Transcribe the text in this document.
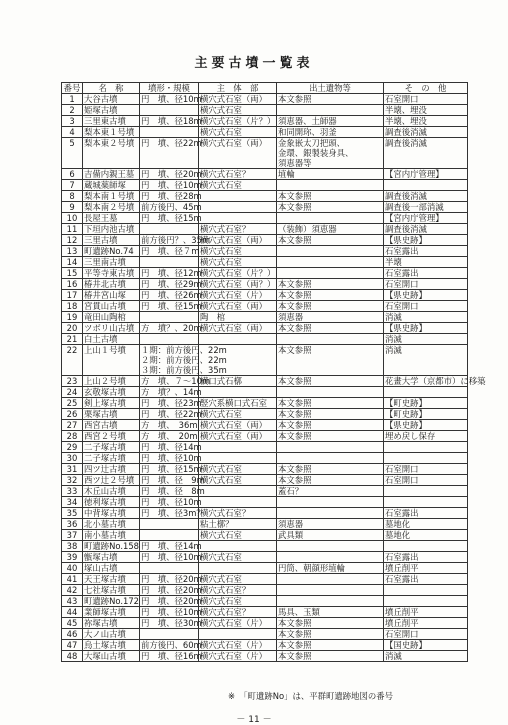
主要古墳一覧表
番号	名　称	墳形・規模	主　体　部	出土遺物等	そ　の　他
1	大谷古墳	円　墳、径10m	横穴式石室（両）	本文参照	石室開口
2	姫塚古墳		横穴式石室		半壊、埋没
3	三里東古墳	円　墳、径18m	横穴式石室（片？）	須恵器、土師器	半壊、埋没
4	梨本東１号墳		横穴式石室	和同開珎、羽釜	調査後消滅
5	梨本東２号墳	円　墳、径22m	横穴式石室（両）	金象嵌太刀把頭、
金環、銀製装身具、
須恵器等	調査後消滅
6	吉備内親王墓	円　墳、径20m	横穴式石室？	埴輪	【宮内庁管理】
7	蔵城薬師塚	円　墳、径10m	横穴式石室		
8	梨本南１号墳	円　墳、径28m		本文参照	調査後消滅
9	梨本南２号墳	前方後円、45m		本文参照	調査後一部消滅
10	長屋王墓	円　墳、径15m			【宮内庁管理】
11	下垣内池古墳		横穴式石室？	（装飾）須恵器	調査後消滅
12	三里古墳	前方後円？、35m	横穴式石室（両）	本文参照	【県史跡】
13	町遺跡No.74	円　墳、径７m	横穴式石室		石室露出
14	三里南古墳		横穴式石室		半壊
15	平等寺東古墳	円　墳、径12m	横穴式石室（片？）		石室露出
16	椿井北古墳	円　墳、径29m	横穴式石室（両？）	本文参照	石室開口
17	椿井宮山塚	円　墳、径26m	横穴式石室（片）	本文参照	【県史跡】
18	宮貫山古墳	円　墳、径15m	横穴式石室（両）	本文参照	石室開口
19	竜田山陶棺		陶　棺	須恵器	消滅
20	ツボリ山古墳	方　墳？、20m	横穴式石室（両）	本文参照	【県史跡】
21	白土古墳				消滅
22	上山１号墳	１期：前方後円、22m
２期：前方後円、22m
３期：前方後円、35m		本文参照	消滅
23	上山２号墳	方　墳、７～10m	横口式石槨	本文参照	花畫大学（京都市）に移築
24	玄敬塚古墳	方　墳？、14m			
25	剣上塚古墳	円　墳、径23m	竪穴系横口式石室	本文参照	【町史跡】
26	栗塚古墳	円　墳、径22m	横穴式石室	本文参照	【町史跡】
27	西宮古墳	方　墳、　36m	横穴式石室（両）	本文参照	【県史跡】
28	西宮２号墳	方　墳、　20m	横穴式石室（両）	本文参照	埋め戻し保存
29	二子塚古墳	円　墳、径14m			
30	二子塚古墳	円　墳、径10m			
31	四ツ辻古墳	円　墳、径15m	横穴式石室	本文参照	石室開口
32	西ツ辻２号墳	円　墳、径　9m	横穴式石室	本文参照	石室開口
33	木丘山古墳	円　墳、径　8m		蓋石？	
34	徳利塚古墳	円　墳、径10m			
35	中背塚古墳	円　墳、径3m？	横穴式石室？		石室露出
36	北小墓古墳		粘土槨？	須恵器	墓地化
37	南小墓古墳		横穴式石室	武具類	墓地化
38	町遺跡No.158	円　墳、径14m			
39	甑塚古墳	円　墳、径10m	横穴式石室		石室露出
40	塚山古墳			円筒、朝顔形埴輪	墳丘削平
41	天王塚古墳	円　墳、径20m	横穴式石室		石室露出
42	七社塚古墳	円　墳、径20m	横穴式石室？		
43	町遺跡No.172	円　墳、径20m	横穴式石室		
44	業師塚古墳	円　墳、径10m	横穴式石室？	馬具、玉類	墳丘削平
45	祢塚古墳	円　墳、径30m	横穴式石室（片）	本文参照	墳丘削平
46	大ノ山古墳			本文参照	石室開口
47	烏土塚古墳	前方後円、60m	横穴式石室（片）	本文参照	【国史跡】
48	大塚山古墳	円　墳、径16m	横穴式石室（片）	本文参照	消滅
※　「町遺跡No」は、平群町遺跡地図の番号
－ 11 －
